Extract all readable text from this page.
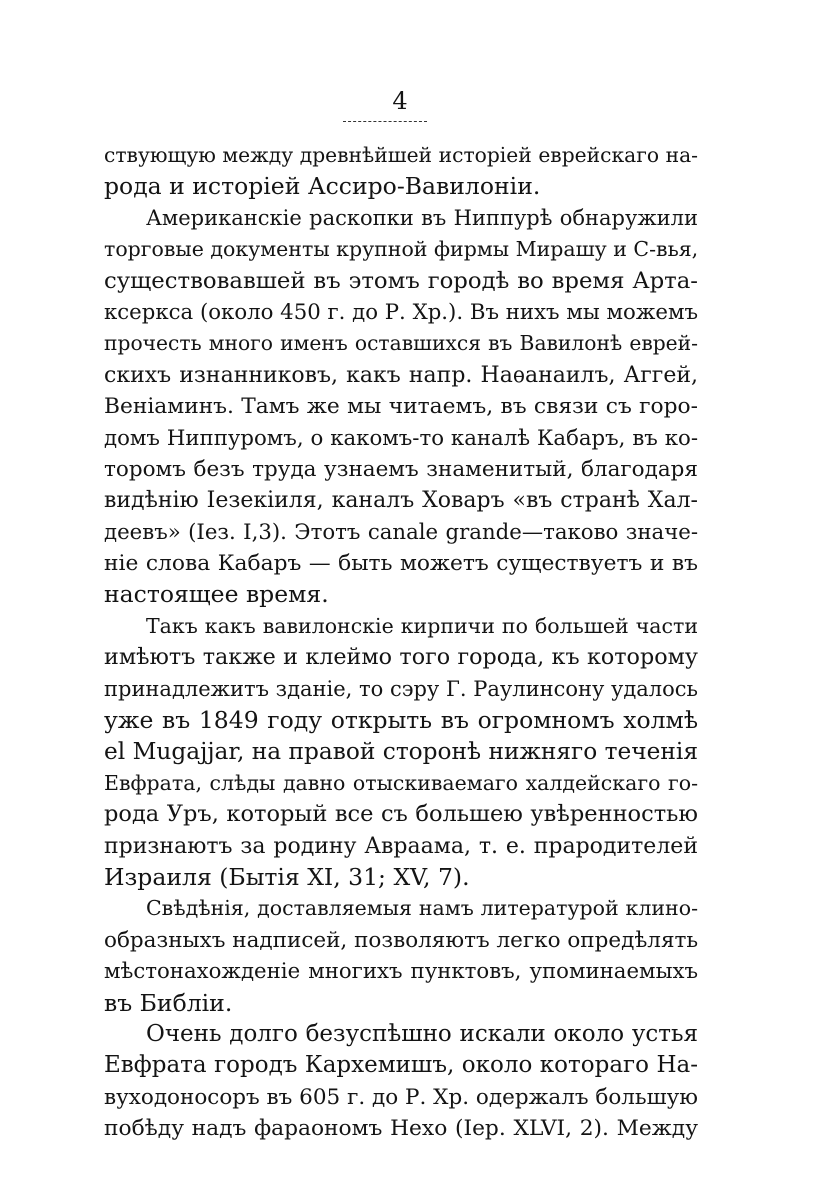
4
ствующую между древнѣйшей исторіей еврейскаго на-
рода и исторіей Ассиро-Вавилоніи.
Американскіе раскопки въ Ниппурѣ обнаружили
торговые документы крупной фирмы Мирашу и С-вья,
существовавшей въ этомъ городѣ во время Арта-
ксеркса (около 450 г. до Р. Хр.). Въ нихъ мы можемъ
прочесть много именъ оставшихся въ Вавилонѣ еврей-
скихъ изнанниковъ, какъ напр. Наѳанаилъ, Аггей,
Веніаминъ. Тамъ же мы читаемъ, въ связи съ горо-
домъ Ниппуромъ, о какомъ-то каналѣ Кабаръ, въ ко-
торомъ безъ труда узнаемъ знаменитый, благодаря
видѣнію Іезекіиля, каналъ Ховаръ «въ странѣ Хал-
деевъ» (Іез. I,3). Этотъ canale grande—таково значе-
ніе слова Кабаръ — быть можетъ существуетъ и въ
настоящее время.
Такъ какъ вавилонскіе кирпичи по большей части
имѣютъ также и клеймо того города, къ которому
принадлежитъ зданіе, то сэру Г. Раулинсону удалось
уже въ 1849 году открыть въ огромномъ холмѣ
el Mugajjar, на правой сторонѣ нижняго теченія
Евфрата, слѣды давно отыскиваемаго халдейскаго го-
рода Уръ, который все съ большею увѣренностью
признаютъ за родину Авраама, т. е. прародителей
Израиля (Бытія XI, 31; XV, 7).
Свѣдѣнія, доставляемыя намъ литературой клино-
образныхъ надписей, позволяютъ легко опредѣлять
мѣстонахожденіе многихъ пунктовъ, упоминаемыхъ
въ Библіи.
Очень долго безуспѣшно искали около устья
Евфрата городъ Кархемишъ, около котораго На-
вуходоносоръ въ 605 г. до Р. Хр. одержалъ большую
побѣду надъ фараономъ Нехо (Іер. XLVI, 2). Между
